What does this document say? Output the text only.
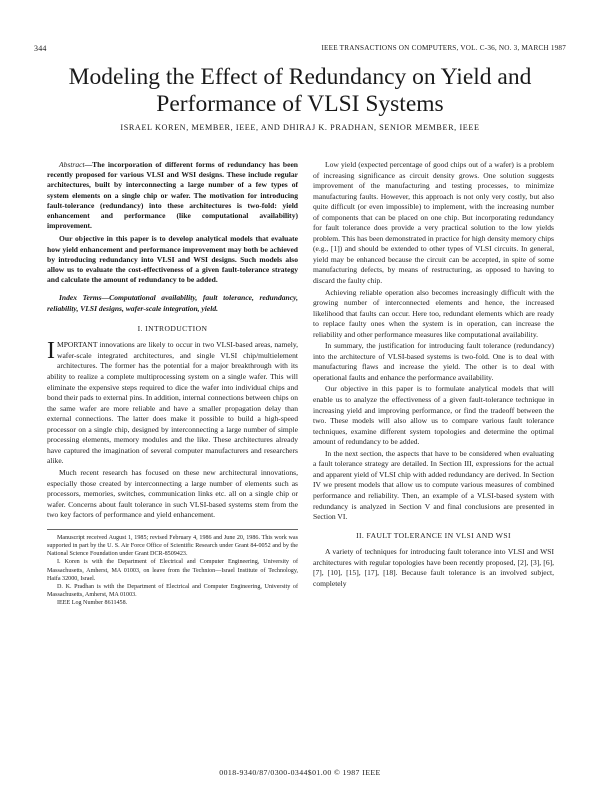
344	IEEE TRANSACTIONS ON COMPUTERS, VOL. C-36, NO. 3, MARCH 1987
Modeling the Effect of Redundancy on Yield and Performance of VLSI Systems
ISRAEL KOREN, MEMBER, IEEE, AND DHIRAJ K. PRADHAN, SENIOR MEMBER, IEEE
Abstract—The incorporation of different forms of redundancy has been recently proposed for various VLSI and WSI designs. These include regular architectures, built by interconnecting a large number of a few types of system elements on a single chip or wafer. The motivation for introducing fault-tolerance (redundancy) into these architectures is two-fold: yield enhancement and performance (like computational availability) improvement.
Our objective in this paper is to develop analytical models that evaluate how yield enhancement and performance improvement may both be achieved by introducing redundancy into VLSI and WSI designs. Such models also allow us to evaluate the cost-effectiveness of a given fault-tolerance strategy and calculate the amount of redundancy to be added.
Index Terms—Computational availability, fault tolerance, redundancy, reliability, VLSI designs, wafer-scale integration, yield.
I. INTRODUCTION
IMPORTANT innovations are likely to occur in two VLSI-based areas, namely, wafer-scale integrated architectures, and single VLSI chip/multielement architectures. The former has the potential for a major breakthrough with its ability to realize a complete multiprocessing system on a single wafer. This will eliminate the expensive steps required to dice the wafer into individual chips and bond their pads to external pins. In addition, internal connections between chips on the same wafer are more reliable and have a smaller propagation delay than external connections. The latter does make it possible to build a high-speed processor on a single chip, designed by interconnecting a large number of simple processing elements, memory modules and the like. These architectures already have captured the imagination of several computer manufacturers and researchers alike.
Much recent research has focused on these new architectural innovations, especially those created by interconnecting a large number of elements such as processors, memories, switches, communication links etc. all on a single chip or wafer. Concerns about fault tolerance in such VLSI-based systems stem from the two key factors of performance and yield enhancement.
Manuscript received August 1, 1985; revised February 4, 1986 and June 20, 1986. This work was supported in part by the U. S. Air Force Office of Scientific Research under Grant 84-0052 and by the National Science Foundation under Grant DCR-8509423.
I. Koren is with the Department of Electrical and Computer Engineering, University of Massachusetts, Amherst, MA 01003, on leave from the Technion—Israel Institute of Technology, Haifa 32000, Israel.
D. K. Pradhan is with the Department of Electrical and Computer Engineering, University of Massachusetts, Amherst, MA 01003.
IEEE Log Number 8611458.
Low yield (expected percentage of good chips out of a wafer) is a problem of increasing significance as circuit density grows. One solution suggests improvement of the manufacturing and testing processes, to minimize manufacturing faults. However, this approach is not only very costly, but also quite difficult (or even impossible) to implement, with the increasing number of components that can be placed on one chip. But incorporating redundancy for fault tolerance does provide a very practical solution to the low yields problem. This has been demonstrated in practice for high density memory chips (e.g., [1]) and should be extended to other types of VLSI circuits. In general, yield may be enhanced because the circuit can be accepted, in spite of some manufacturing defects, by means of restructuring, as opposed to having to discard the faulty chip.
Achieving reliable operation also becomes increasingly difficult with the growing number of interconnected elements and hence, the increased likelihood that faults can occur. Here too, redundant elements which are ready to replace faulty ones when the system is in operation, can increase the reliability and other performance measures like computational availability.
In summary, the justification for introducing fault tolerance (redundancy) into the architecture of VLSI-based systems is two-fold. One is to deal with manufacturing flaws and increase the yield. The other is to deal with operational faults and enhance the performance availability.
Our objective in this paper is to formulate analytical models that will enable us to analyze the effectiveness of a given fault-tolerance technique in increasing yield and improving performance, or find the tradeoff between the two. These models will also allow us to compare various fault tolerance techniques, examine different system topologies and determine the optimal amount of redundancy to be added.
In the next section, the aspects that have to be considered when evaluating a fault tolerance strategy are detailed. In Section III, expressions for the actual and apparent yield of VLSI chip with added redundancy are derived. In Section IV we present models that allow us to compute various measures of combined performance and reliability. Then, an example of a VLSI-based system with redundancy is analyzed in Section V and final conclusions are presented in Section VI.
II. FAULT TOLERANCE IN VLSI AND WSI
A variety of techniques for introducing fault tolerance into VLSI and WSI architectures with regular topologies have been recently proposed, [2], [3], [6], [7], [10], [15], [17], [18]. Because fault tolerance is an involved subject, completely
0018-9340/87/0300-0344$01.00 © 1987 IEEE
